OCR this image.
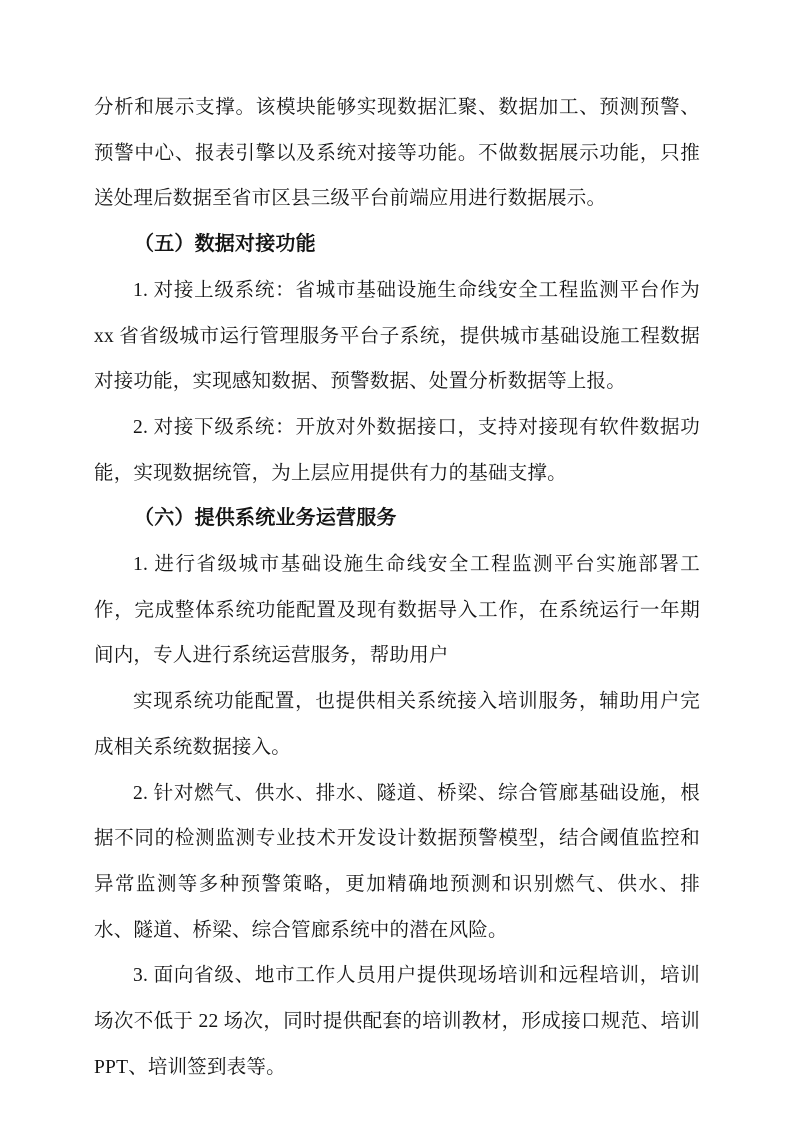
分析和展示支撑。该模块能够实现数据汇聚、数据加工、预测预警、预警中心、报表引擎以及系统对接等功能。不做数据展示功能，只推送处理后数据至省市区县三级平台前端应用进行数据展示。

（五）数据对接功能

1. 对接上级系统：省城市基础设施生命线安全工程监测平台作为 xx 省省级城市运行管理服务平台子系统，提供城市基础设施工程数据对接功能，实现感知数据、预警数据、处置分析数据等上报。

2. 对接下级系统：开放对外数据接口，支持对接现有软件数据功能，实现数据统管，为上层应用提供有力的基础支撑。

（六）提供系统业务运营服务

1. 进行省级城市基础设施生命线安全工程监测平台实施部署工作，完成整体系统功能配置及现有数据导入工作，在系统运行一年期间内，专人进行系统运营服务，帮助用户

实现系统功能配置，也提供相关系统接入培训服务，辅助用户完成相关系统数据接入。

2. 针对燃气、供水、排水、隧道、桥梁、综合管廊基础设施，根据不同的检测监测专业技术开发设计数据预警模型，结合阈值监控和异常监测等多种预警策略，更加精确地预测和识别燃气、供水、排水、隧道、桥梁、综合管廊系统中的潜在风险。

3. 面向省级、地市工作人员用户提供现场培训和远程培训，培训场次不低于 22 场次，同时提供配套的培训教材，形成接口规范、培训 PPT、培训签到表等。
